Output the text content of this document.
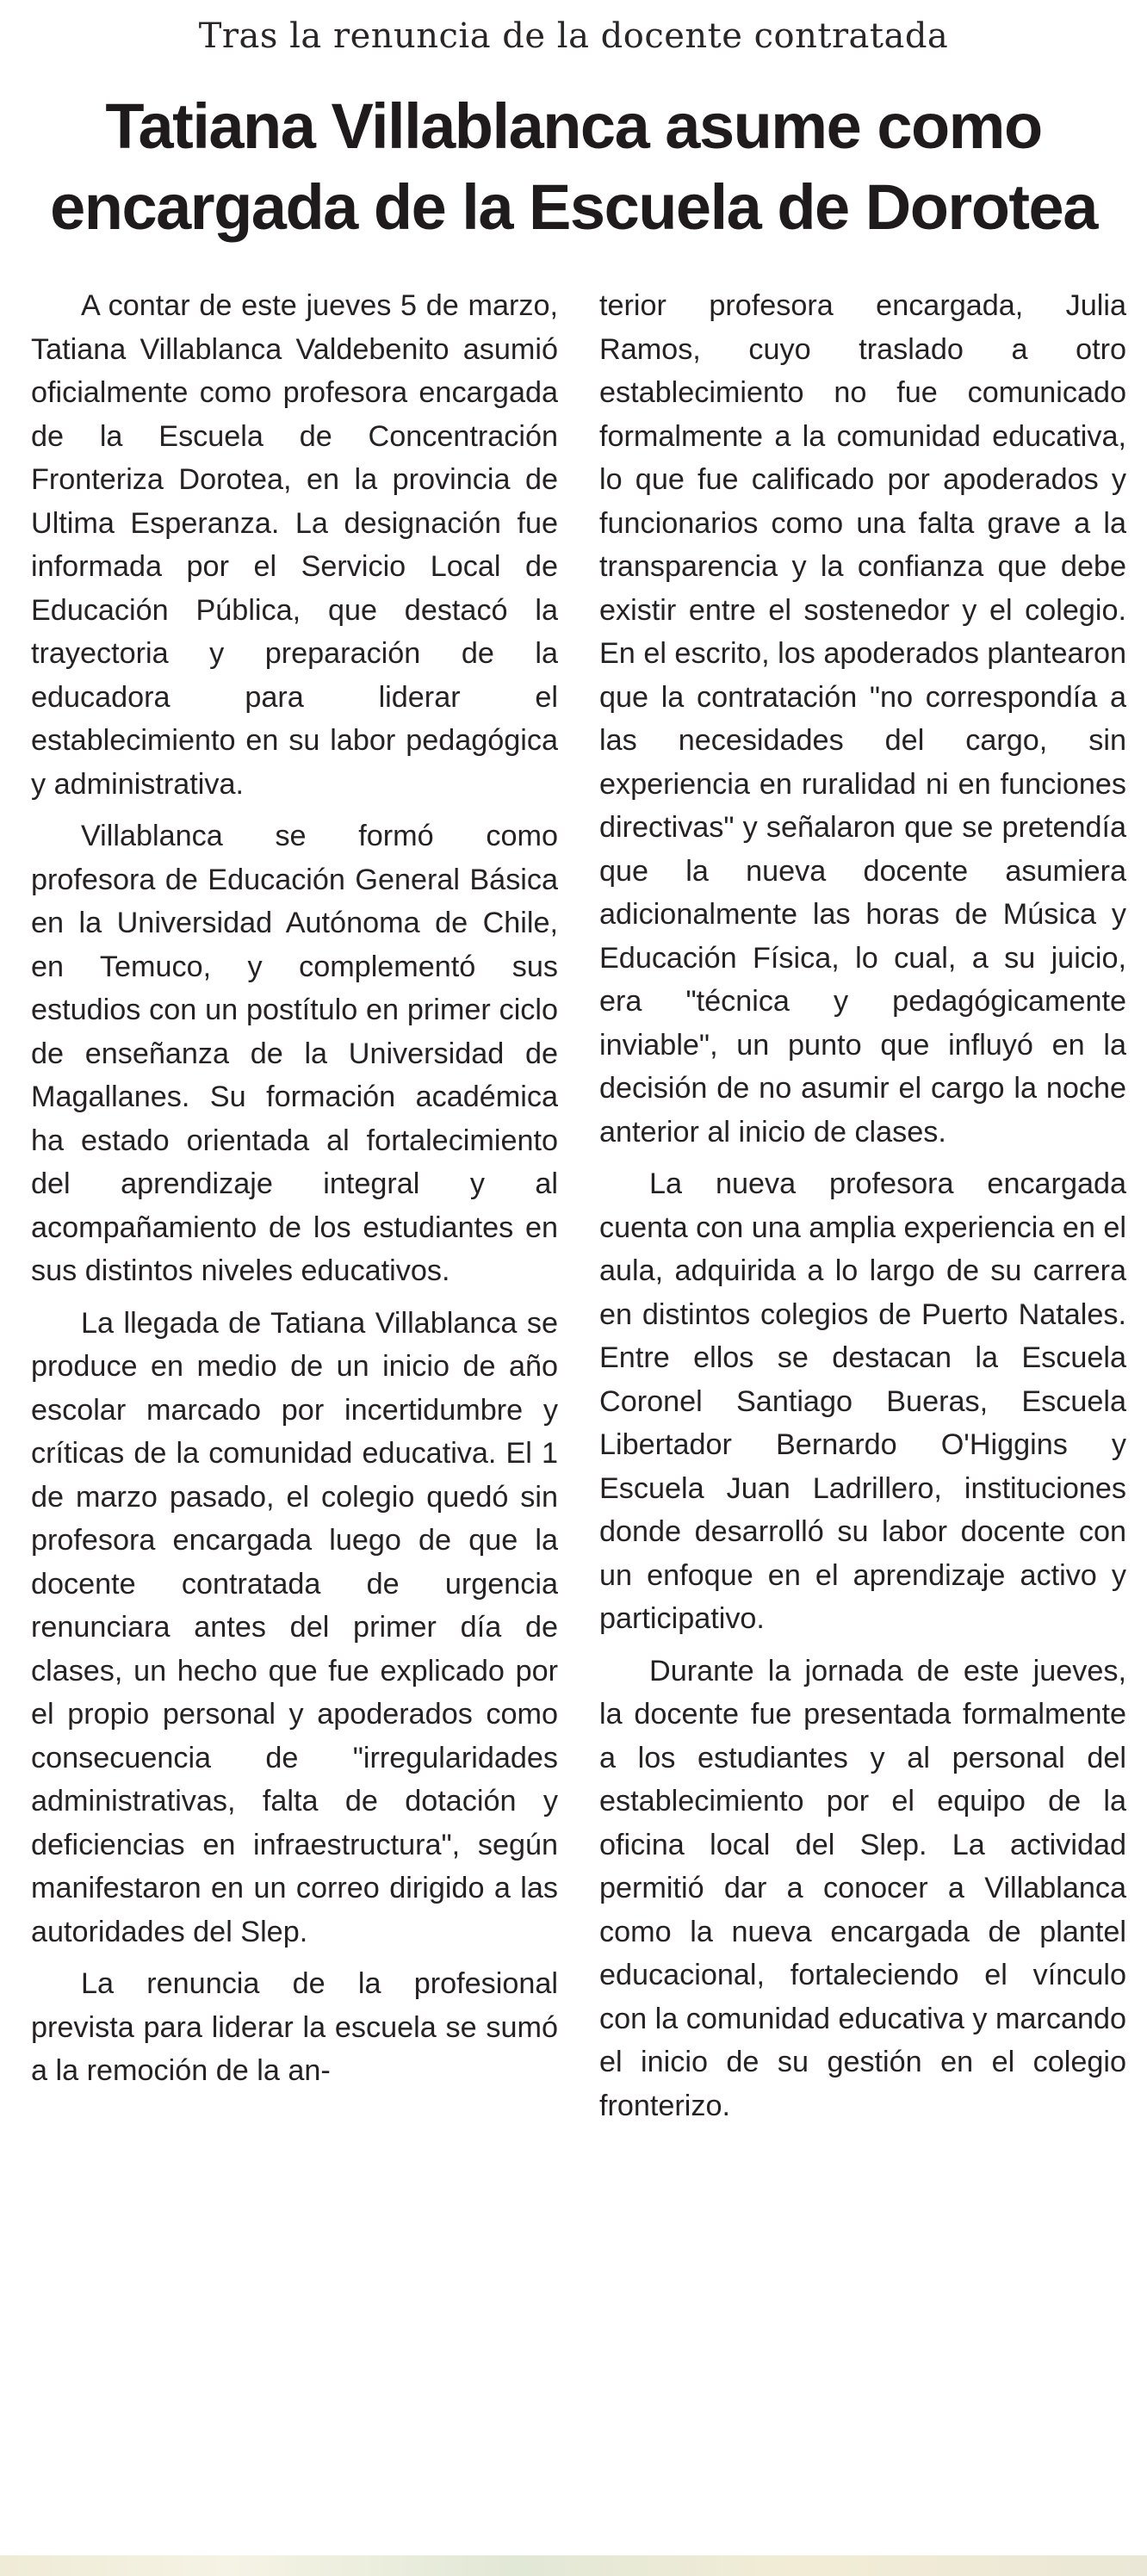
Tras la renuncia de la docente contratada
Tatiana Villablanca asume como encargada de la Escuela de Dorotea

A contar de este jueves 5 de marzo, Tatiana Villablanca Valdebenito asumió oficialmente como profesora encargada de la Escuela de Concentración Fronteriza Dorotea, en la provincia de Ultima Esperanza. La designación fue informada por el Servicio Local de Educación Pública, que destacó la trayectoria y preparación de la educadora para liderar el establecimiento en su labor pedagógica y administrativa.

Villablanca se formó como profesora de Educación General Básica en la Universidad Autónoma de Chile, en Temuco, y complementó sus estudios con un postítulo en primer ciclo de enseñanza de la Universidad de Magallanes. Su formación académica ha estado orientada al fortalecimiento del aprendizaje integral y al acompañamiento de los estudiantes en sus distintos niveles educativos.

La llegada de Tatiana Villablanca se produce en medio de un inicio de año escolar marcado por incertidumbre y críticas de la comunidad educativa. El 1 de marzo pasado, el colegio quedó sin profesora encargada luego de que la docente contratada de urgencia renunciara antes del primer día de clases, un hecho que fue explicado por el propio personal y apoderados como consecuencia de "irregularidades administrativas, falta de dotación y deficiencias en infraestructura", según manifestaron en un correo dirigido a las autoridades del Slep.

La renuncia de la profesional prevista para liderar la escuela se sumó a la remoción de la an-

terior profesora encargada, Julia Ramos, cuyo traslado a otro establecimiento no fue comunicado formalmente a la comunidad educativa, lo que fue calificado por apoderados y funcionarios como una falta grave a la transparencia y la confianza que debe existir entre el sostenedor y el colegio. En el escrito, los apoderados plantearon que la contratación "no correspondía a las necesidades del cargo, sin experiencia en ruralidad ni en funciones directivas" y señalaron que se pretendía que la nueva docente asumiera adicionalmente las horas de Música y Educación Física, lo cual, a su juicio, era "técnica y pedagógicamente inviable", un punto que influyó en la decisión de no asumir el cargo la noche anterior al inicio de clases.

La nueva profesora encargada cuenta con una amplia experiencia en el aula, adquirida a lo largo de su carrera en distintos colegios de Puerto Natales. Entre ellos se destacan la Escuela Coronel Santiago Bueras, Escuela Libertador Bernardo O'Higgins y Escuela Juan Ladrillero, instituciones donde desarrolló su labor docente con un enfoque en el aprendizaje activo y participativo.

Durante la jornada de este jueves, la docente fue presentada formalmente a los estudiantes y al personal del establecimiento por el equipo de la oficina local del Slep. La actividad permitió dar a conocer a Villablanca como la nueva encargada de plantel educacional, fortaleciendo el vínculo con la comunidad educativa y marcando el inicio de su gestión en el colegio fronterizo.
